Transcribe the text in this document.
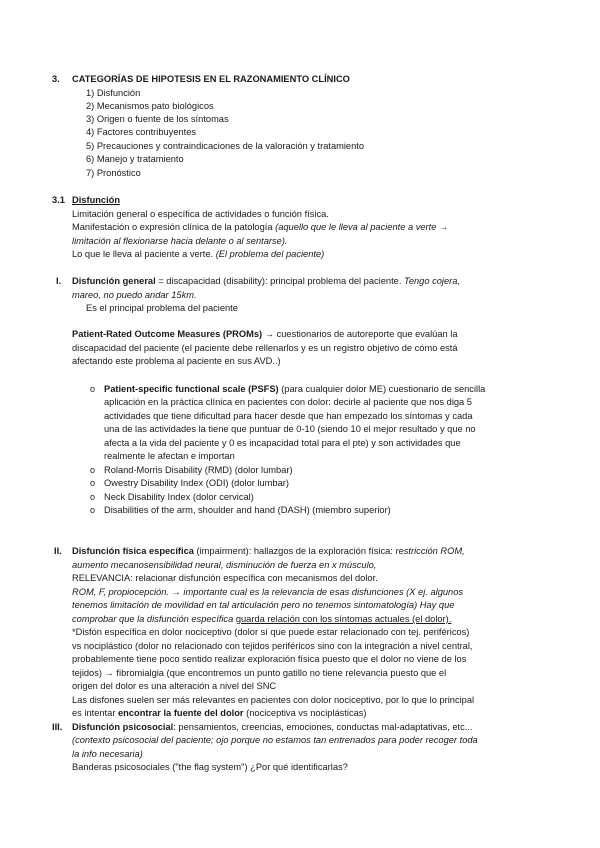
3. CATEGORÍAS DE HIPOTESIS EN EL RAZONAMIENTO CLÍNICO
1) Disfunción
2) Mecanismos pato biológicos
3) Origen o fuente de los síntomas
4) Factores contribuyentes
5) Precauciones y contraindicaciones de la valoración y tratamiento
6) Manejo y tratamiento
7) Pronóstico
3.1 Disfunción
Limitación general o específica de actividades o función física.
Manifestación o expresión clínica de la patología (aquello que le lleva al paciente a verte →
limitación al flexionarse hacia delante o al sentarse).
Lo que le lleva al paciente a verte. (El problema del paciente)
I. Disfunción general = discapacidad (disability): principal problema del paciente. Tengo cojera,
mareo, no puedo andar 15km.
Es el principal problema del paciente
Patient-Rated Outcome Measures (PROMs) → cuestionarios de autoreporte que evalúan la
discapacidad del paciente (el paciente debe rellenarlos y es un registro objetivo de cómo está
afectando este problema al paciente en sus AVD..)
o Patient-specific functional scale (PSFS) (para cualquier dolor ME) cuestionario de sencilla
aplicación en la práctica clínica en pacientes con dolor: decirle al paciente que nos diga 5
actividades que tiene dificultad para hacer desde que han empezado los síntomas y cada
una de las actividades la tiene que puntuar de 0-10 (siendo 10 el mejor resultado y que no
afecta a la vida del paciente y 0 es incapacidad total para el pte) y son actividades que
realmente le afectan e importan
o Roland-Morris Disability (RMD) (dolor lumbar)
o Owestry Disability Index (ODI) (dolor lumbar)
o Neck Disability Index (dolor cervical)
o Disabilities of the arm, shoulder and hand (DASH) (miembro superior)
II. Disfunción física específica (impairment): hallazgos de la exploración física: restricción ROM,
aumento mecanosensibilidad neural, disminución de fuerza en x músculo,
RELEVANCIA: relacionar disfunción específica con mecanismos del dolor.
ROM, F, propiocepción. → importante cual es la relevancia de esas disfunciones (X ej. algunos
tenemos limitación de movilidad en tal articulación pero no tenemos sintomatología) Hay que
comprobar que la disfunción específica guarda relación con los síntomas actuales (el dolor).
*Disfón específica en dolor nociceptivo (dolor sí que puede estar relacionado con tej. periféricos)
vs nociplástico (dolor no relacionado con tejidos periféricos sino con la integración a nivel central,
probablemente tiene poco sentido realizar exploración física puesto que el dolor no viene de los
tejidos) → fibromialgia (que encontremos un punto gatillo no tiene relevancia puesto que el
origen del dolor es una alteración a nivel del SNC
Las disfones suelen ser más relevantes en pacientes con dolor nociceptivo, por lo que lo principal
es intentar encontrar la fuente del dolor (nociceptiva vs nociplásticas)
III. Disfunción psicosocial: pensamientos, creencias, emociones, conductas mal-adaptativas, etc...
(contexto psicosocial del paciente; ojo porque no estamos tan entrenados para poder recoger toda
la info necesaria)
Banderas psicosociales ("the flag system") ¿Por qué identificarlas?
